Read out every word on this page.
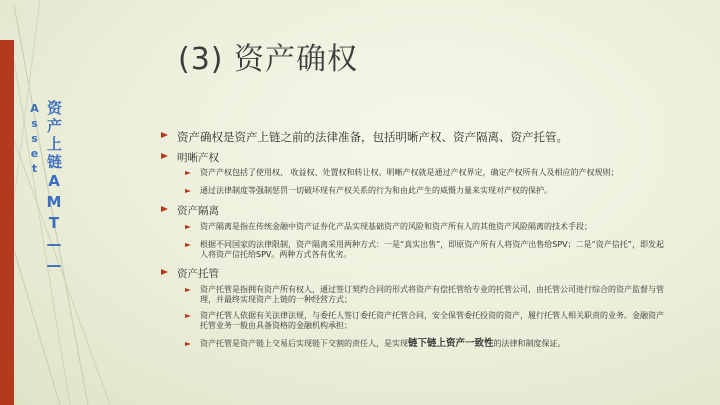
(3) 资产确权
Asset 资产上链AMT——	资产确权是资产上链之前的法律准备，包括明晰产权、资产隔离、资产托管。
明晰产权
资产产权包括了使用权、 收益权、处置权和转让权。明晰产权就是通过产权界定，确定产权所有人及相应的产权规则；
通过法律制度等强制惩罚一切破坏现有产权关系的行为和由此产生的威慑力量来实现对产权的保护。
资产隔离
资产隔离是指在传统金融中资产证券化产品实现基础资产的风险和资产所有人的其他资产风险隔离的技术手段；
根据不同国家的法律限制，资产隔离采用两种方式：一是“真实出售”，即原资产所有人将资产出售给SPV；二是“资产信托”，即发起人将资产信托给SPV。两种方式各有优劣。
资产托管
资产托管是指拥有资产所有权人，通过签订契约合同的形式将资产有偿托管给专业的托管公司，由托管公司进行综合的资产监督与管理，并最终实现资产上链的一种经营方式；
资产托管人依据有关法律法规，与委托人签订委托资产托管合同，安全保管委托投资的资产，履行托管人相关职责的业务。金融资产托管业务一般由具备资格的金融机构承担；
资产托管是资产链上交易后实现链下交割的责任人，是实现链下链上资产一致性的法律和制度保证。
